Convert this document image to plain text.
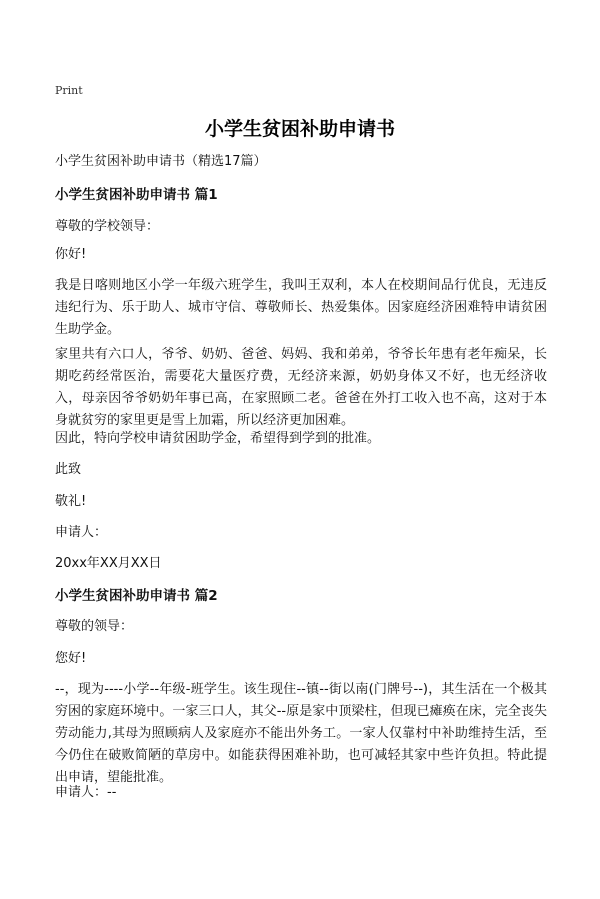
Print
小学生贫困补助申请书
小学生贫困补助申请书（精选17篇）
小学生贫困补助申请书 篇1
尊敬的学校领导：
你好!
我是日喀则地区小学一年级六班学生，我叫王双利，本人在校期间品行优良，无违反违纪行为、乐于助人、城市守信、尊敬师长、热爱集体。因家庭经济困难特申请贫困生助学金。
家里共有六口人，爷爷、奶奶、爸爸、妈妈、我和弟弟，爷爷长年患有老年痴呆，长期吃药经常医治，需要花大量医疗费，无经济来源，奶奶身体又不好，也无经济收入，母亲因爷爷奶奶年事已高，在家照顾二老。爸爸在外打工收入也不高，这对于本身就贫穷的家里更是雪上加霜，所以经济更加困难。
因此，特向学校申请贫困助学金，希望得到学到的批准。
此致
敬礼!
申请人：
20xx年XX月XX日
小学生贫困补助申请书 篇2
尊敬的领导：
您好!
--，现为----小学--年级-班学生。该生现住--镇--街以南(门牌号--)，其生活在一个极其穷困的家庭环境中。一家三口人，其父--原是家中顶梁柱，但现已瘫痪在床，完全丧失劳动能力,其母为照顾病人及家庭亦不能出外务工。一家人仅靠村中补助维持生活，至今仍住在破败简陋的草房中。如能获得困难补助，也可减轻其家中些许负担。特此提出申请，望能批准。
申请人：--
